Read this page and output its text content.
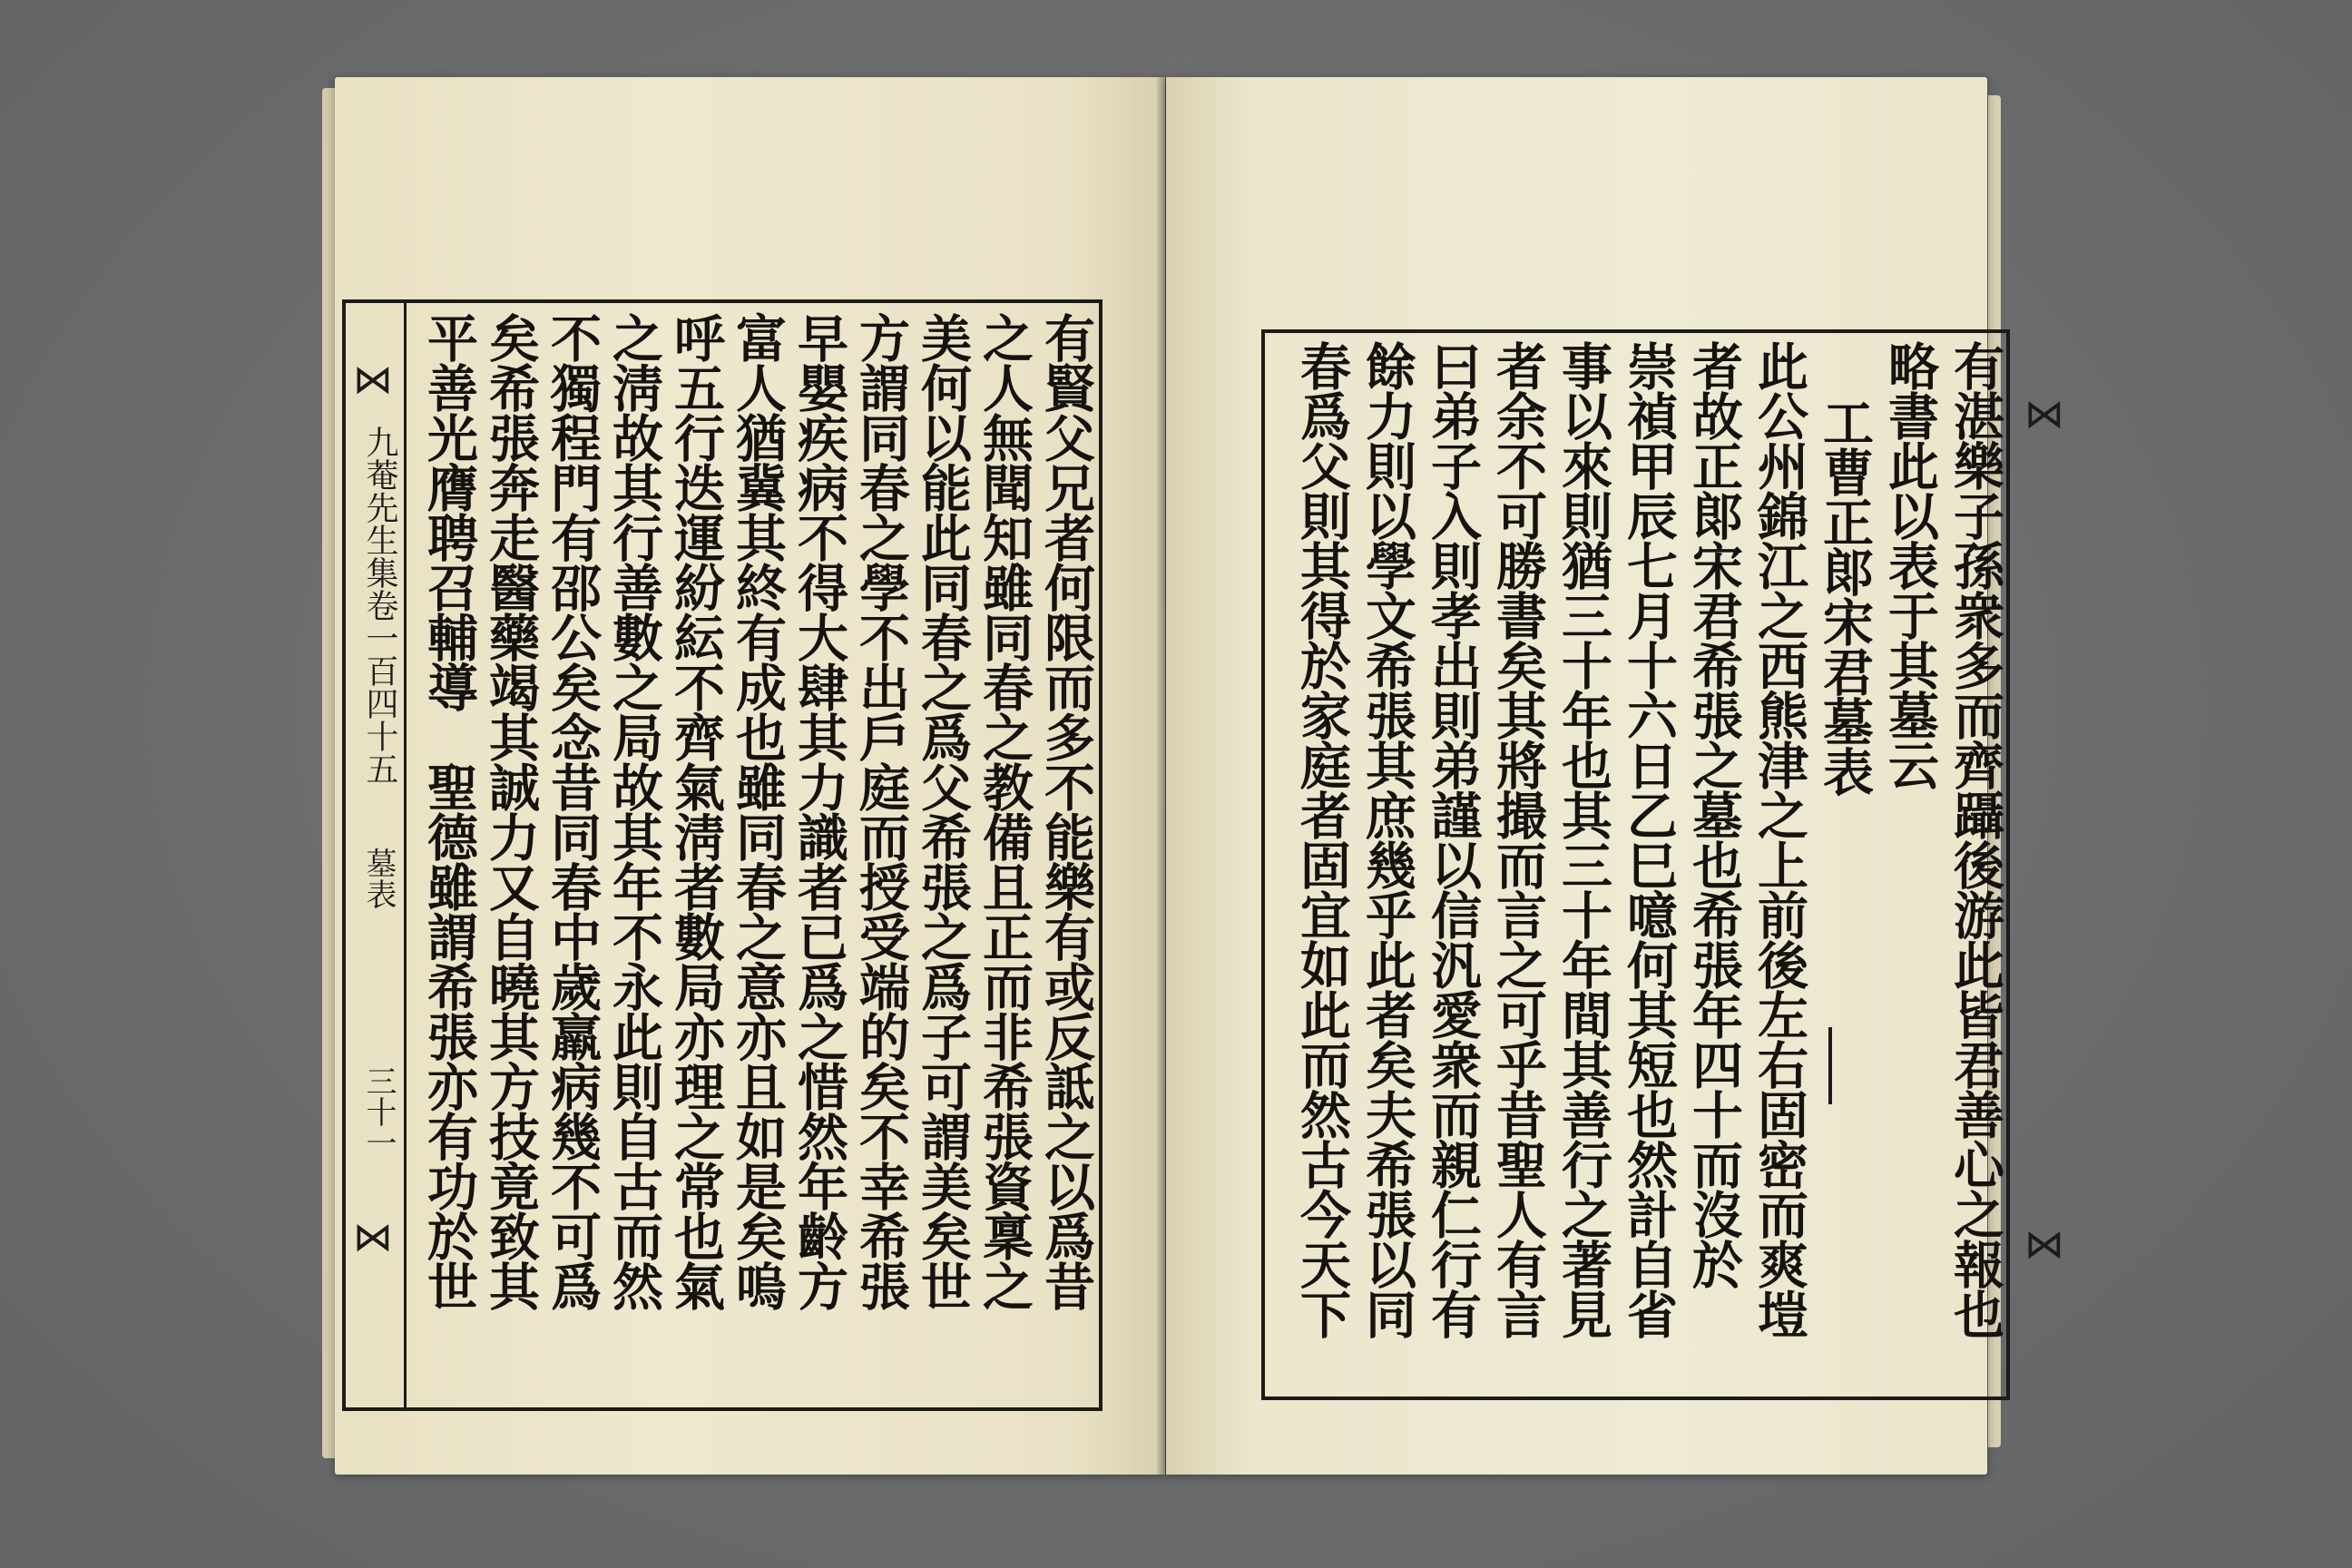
⋈
九菴先生集卷一百四十五
墓表
三十一
⋈	有賢父兄者何限而多不能樂有或反詆之以爲昔
之人無聞知雖同春之教備且正而非希張資稟之
美何以能此同春之爲父希張之爲子可謂美矣世
方謂同春之學不出戶庭而授受端的矣不幸希張
早嬰疾病不得大肆其力識者已爲之惜然年齡方
富人猶冀其終有成也雖同春之意亦且如是矣嗚
呼五行迭運紛紜不齊氣淸者數局亦理之常也氣
之淸故其行善數之局故其年不永此則自古而然
不獨程門有邵公矣念昔同春中歲羸病幾不可爲
矣希張奔走醫藥竭其誠力又自曉其方技竟致其
平善光膺聘召輔導　聖德雖謂希張亦有功於世	⋈
⋈
有湛樂子孫衆多而齊躡後游此皆君善心之報也
略書此以表于其墓云
工曹正郞宋君墓表
此公州錦江之西熊津之上前後左右固密而爽塏
者故正郞宋君希張之墓也希張年四十而沒於
崇禎甲辰七月十六日乙巳噫何其短也然計自省
事以來則猶三十年也其三十年間其善行之著見
者余不可勝書矣其將撮而言之可乎昔聖人有言
曰弟子入則孝出則弟謹以信汎愛衆而親仁行有
餘力則以學文希張其庶幾乎此者矣夫希張以同
春爲父則其得於家庭者固宜如此而然古今天下
